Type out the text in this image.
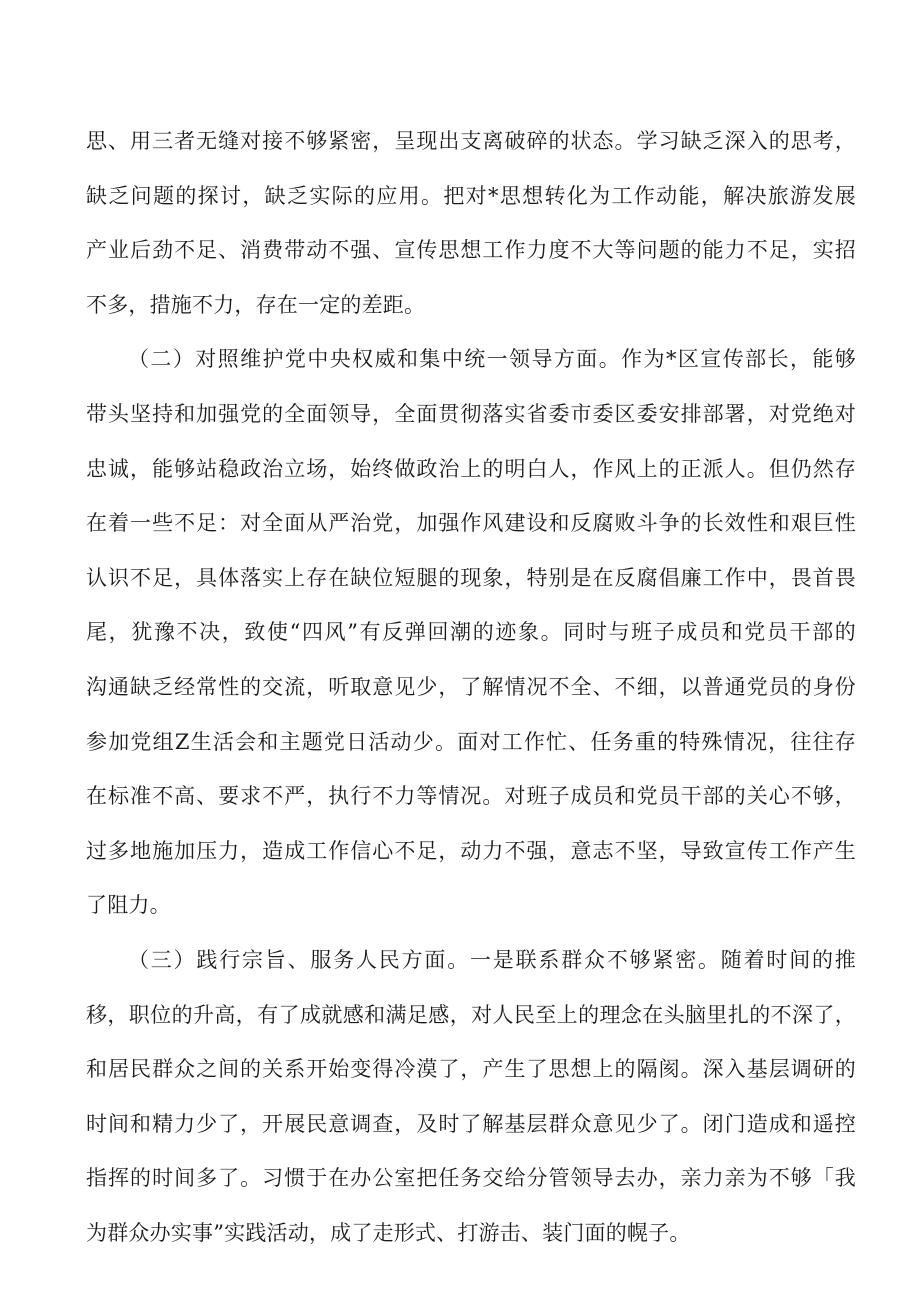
思、用三者无缝对接不够紧密，呈现出支离破碎的状态。学习缺乏深入的思考，
缺乏问题的探讨，缺乏实际的应用。把对*思想转化为工作动能，解决旅游发展
产业后劲不足、消费带动不强、宣传思想工作力度不大等问题的能力不足，实招
不多，措施不力，存在一定的差距。
（二）对照维护党中央权威和集中统一领导方面。作为*区宣传部长，能够
带头坚持和加强党的全面领导，全面贯彻落实省委市委区委安排部署，对党绝对
忠诚，能够站稳政治立场，始终做政治上的明白人，作风上的正派人。但仍然存
在着一些不足：对全面从严治党，加强作风建设和反腐败斗争的长效性和艰巨性
认识不足，具体落实上存在缺位短腿的现象，特别是在反腐倡廉工作中，畏首畏
尾，犹豫不决，致使“四风”有反弹回潮的迹象。同时与班子成员和党员干部的
沟通缺乏经常性的交流，听取意见少，了解情况不全、不细，以普通党员的身份
参加党组Z生活会和主题党日活动少。面对工作忙、任务重的特殊情况，往往存
在标准不高、要求不严，执行不力等情况。对班子成员和党员干部的关心不够，
过多地施加压力，造成工作信心不足，动力不强，意志不坚，导致宣传工作产生
了阻力。
（三）践行宗旨、服务人民方面。一是联系群众不够紧密。随着时间的推
移，职位的升高，有了成就感和满足感，对人民至上的理念在头脑里扎的不深了，
和居民群众之间的关系开始变得冷漠了，产生了思想上的隔阂。深入基层调研的
时间和精力少了，开展民意调查，及时了解基层群众意见少了。闭门造成和遥控
指挥的时间多了。习惯于在办公室把任务交给分管领导去办，亲力亲为不够「我
为群众办实事”实践活动，成了走形式、打游击、装门面的幌子。
